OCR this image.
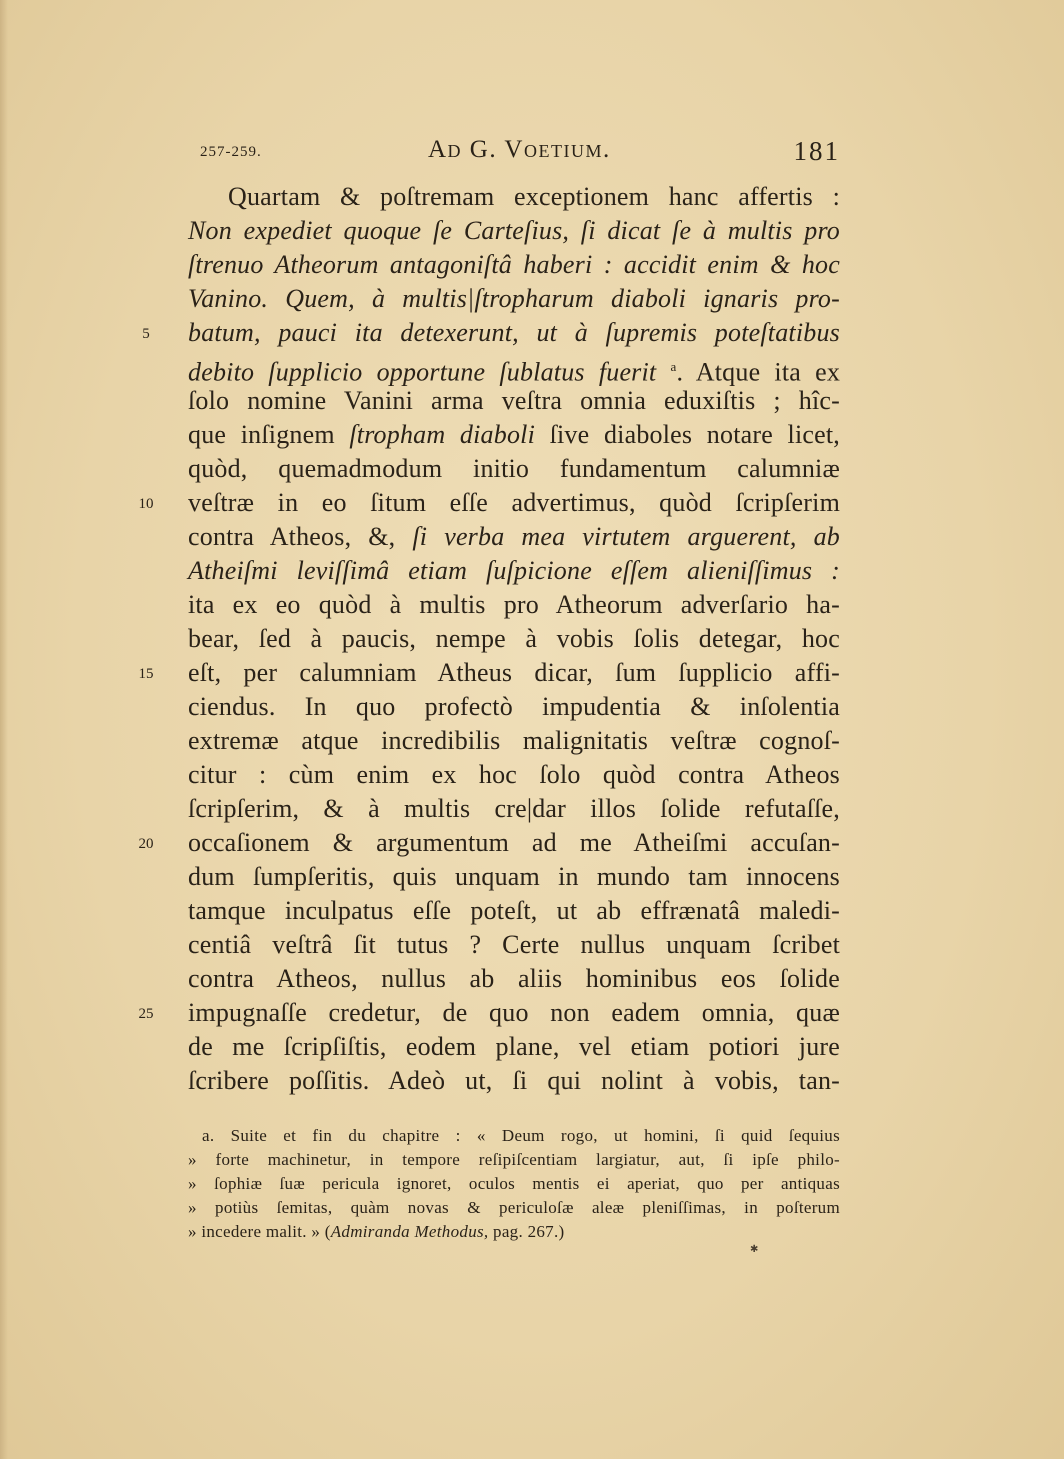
257-259.	Ad G. Voetium.	181
Quartam & poſtremam exceptionem hanc affertis :
Non expediet quoque ſe Carteſius, ſi dicat ſe à multis pro
ſtrenuo Atheorum antagoniſtâ haberi : accidit enim & hoc
Vanino. Quem, à multis|ſtropharum diaboli ignaris pro-
batum, pauci ita detexerunt, ut à ſupremis poteſtatibus
debito ſupplicio opportune ſublatus fuerit $^a$. Atque ita ex
ſolo nomine Vanini arma veſtra omnia eduxiſtis ; hîc-
que inſignem ſtropham diaboli ſive diaboles notare licet,
quòd, quemadmodum initio fundamentum calumniæ
veſtræ in eo ſitum eſſe advertimus, quòd ſcripſerim
contra Atheos, &, ſi verba mea virtutem arguerent, ab
Atheiſmi leviſſimâ etiam ſuſpicione eſſem alieniſſimus :
ita ex eo quòd à multis pro Atheorum adverſario ha-
bear, ſed à paucis, nempe à vobis ſolis detegar, hoc
eſt, per calumniam Atheus dicar, ſum ſupplicio affi-
ciendus. In quo profectò impudentia & inſolentia
extremæ atque incredibilis malignitatis veſtræ cognoſ-
citur : cùm enim ex hoc ſolo quòd contra Atheos
ſcripſerim, & à multis cre|dar illos ſolide refutaſſe,
occaſionem & argumentum ad me Atheiſmi accuſan-
dum ſumpſeritis, quis unquam in mundo tam innocens
tamque inculpatus eſſe poteſt, ut ab effrænatâ maledi-
centiâ veſtrâ ſit tutus ? Certe nullus unquam ſcribet
contra Atheos, nullus ab aliis hominibus eos ſolide
impugnaſſe credetur, de quo non eadem omnia, quæ
de me ſcripſiſtis, eodem plane, vel etiam potiori jure
ſcribere poſſitis. Adeò ut, ſi qui nolint à vobis, tan-
5
10
15
20
25
a. Suite et fin du chapitre : « Deum rogo, ut homini, ſi quid ſequius
» forte machinetur, in tempore reſipiſcentiam largiatur, aut, ſi ipſe philo-
» ſophiæ ſuæ pericula ignoret, oculos mentis ei aperiat, quo per antiquas
» potiùs ſemitas, quàm novas & periculoſæ aleæ pleniſſimas, in poſterum
» incedere malit. » (Admiranda Methodus, pag. 267.)
✱
